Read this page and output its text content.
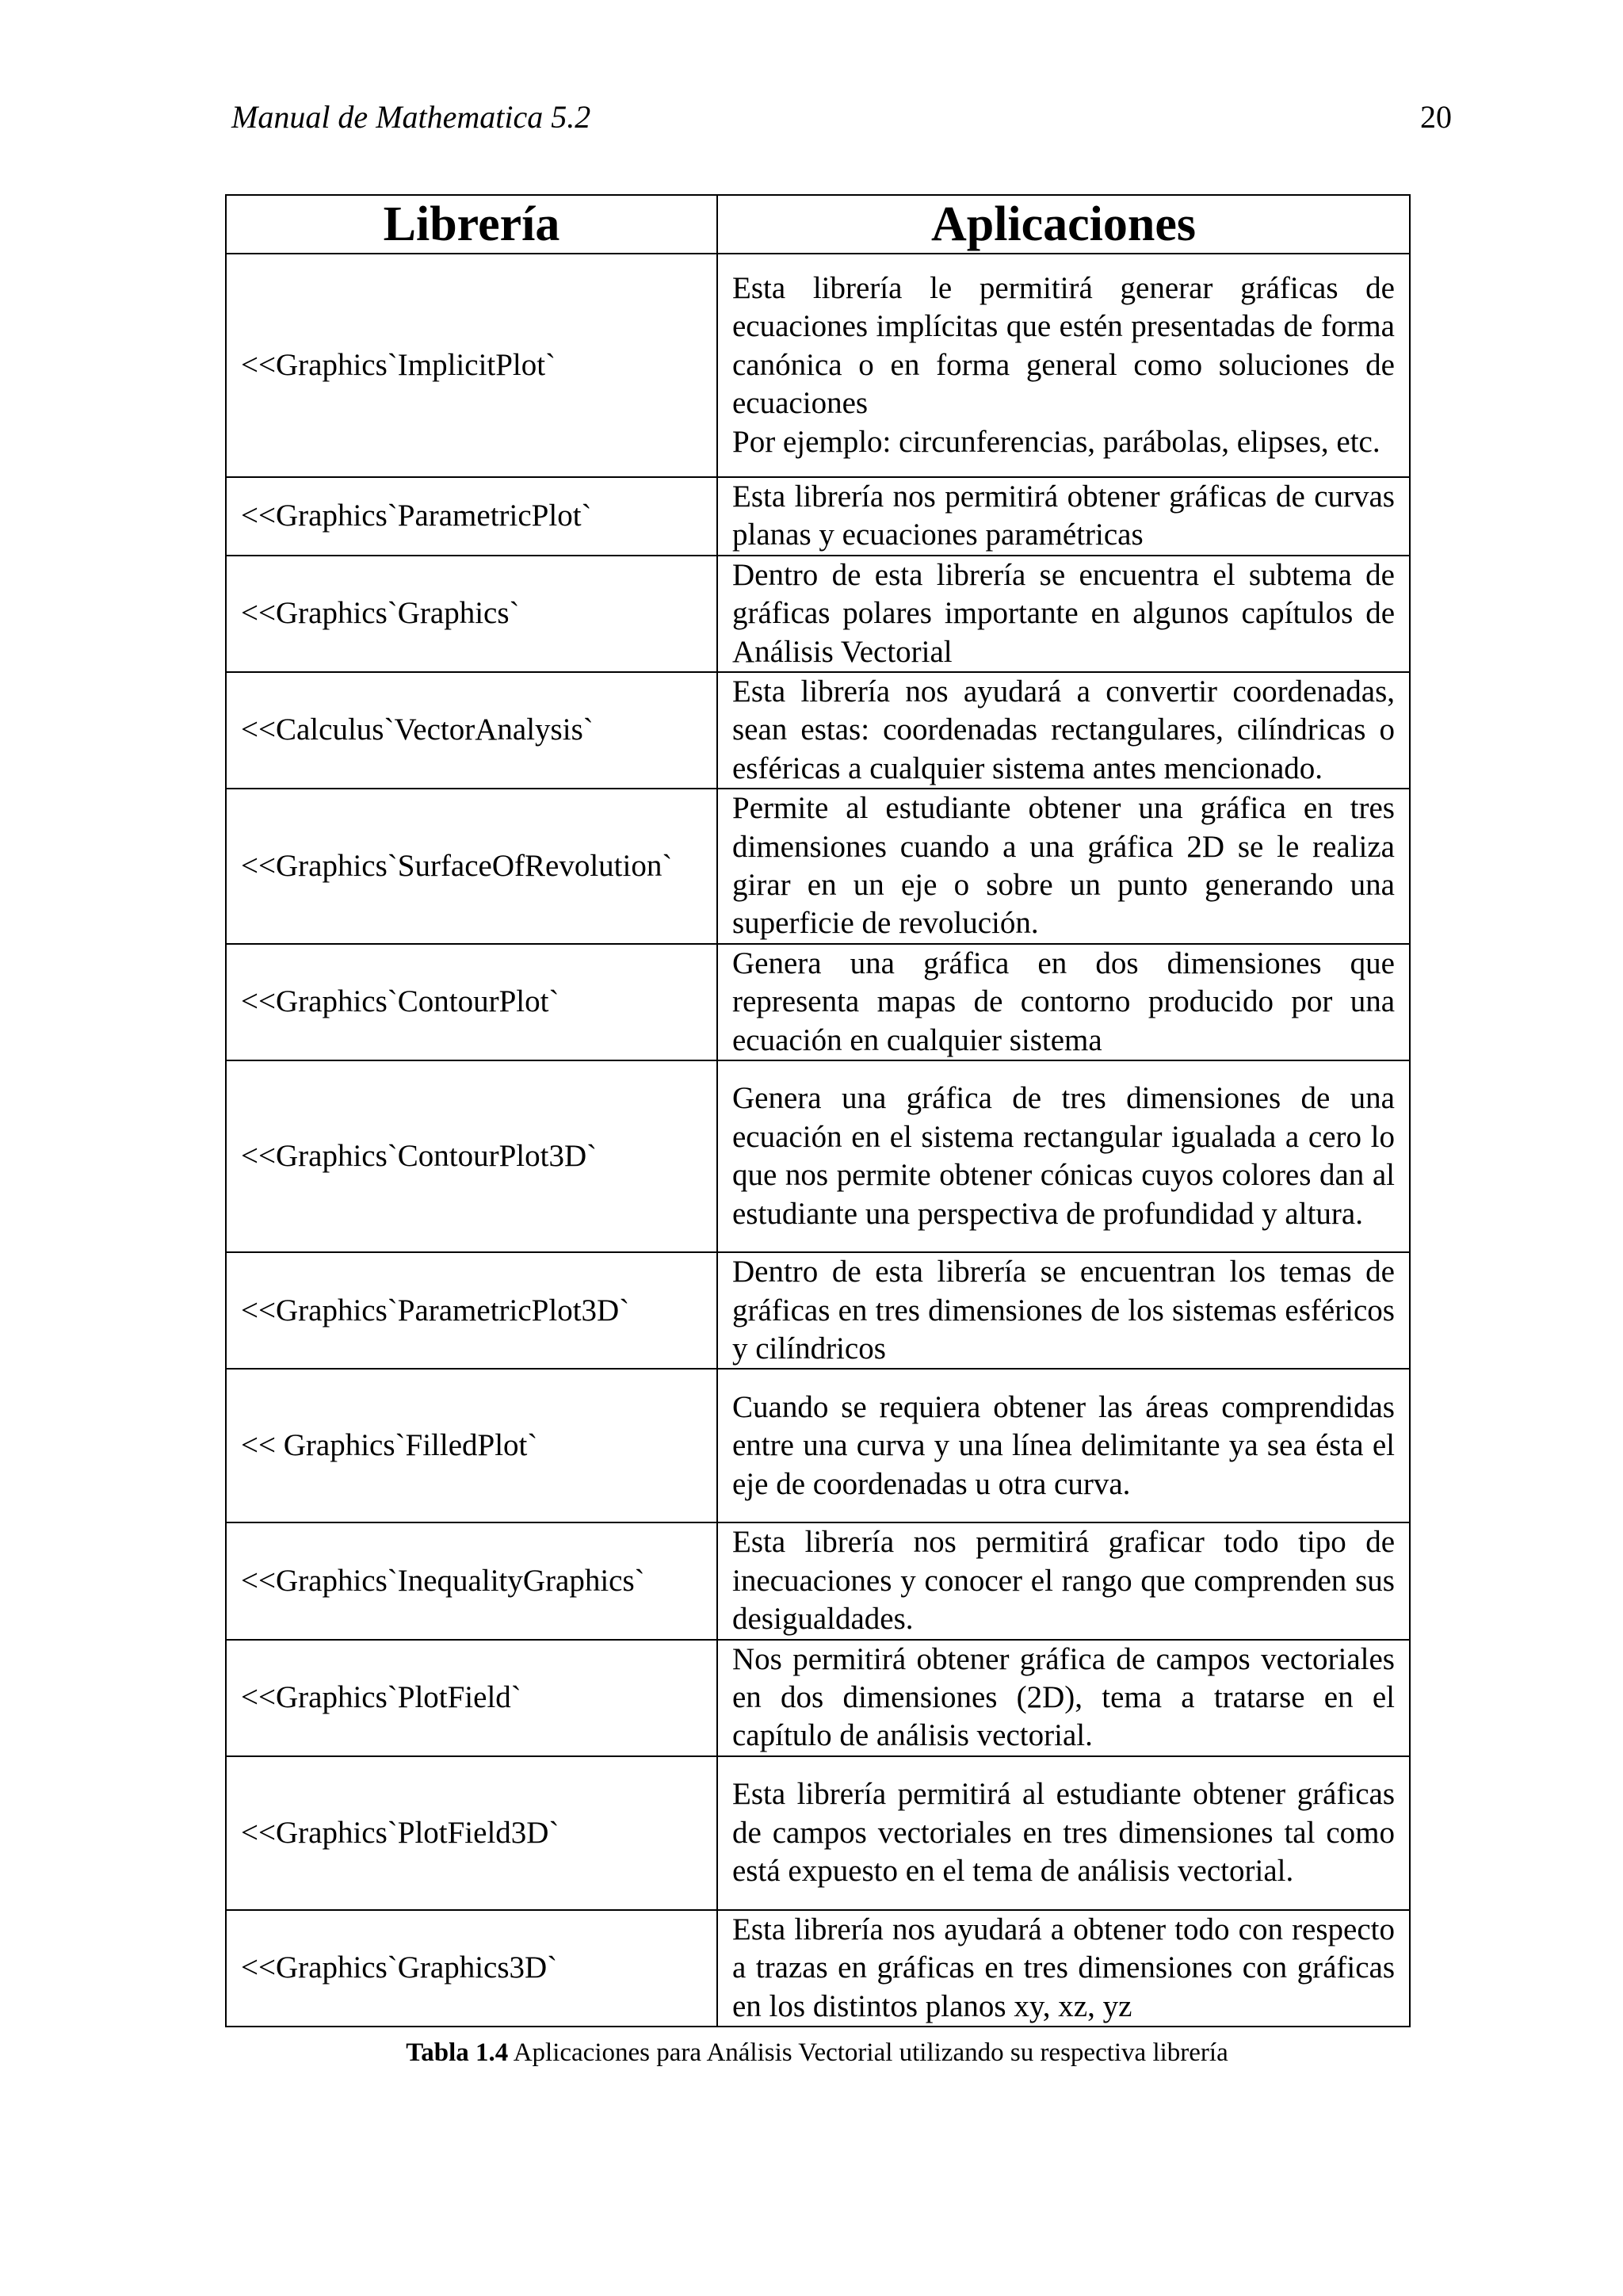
Manual de Mathematica 5.2	20
Librería	Aplicaciones
<<Graphics`ImplicitPlot`	Esta librería le permitirá generar gráficas de ecuaciones implícitas que estén presentadas de forma canónica o en forma general como soluciones de ecuaciones
Por ejemplo: circunferencias, parábolas, elipses, etc.

<<Graphics`ParametricPlot`	Esta librería nos permitirá obtener gráficas de curvas planas y ecuaciones paramétricas
<<Graphics`Graphics`	Dentro de esta librería se encuentra el subtema de gráficas polares importante en algunos capítulos de Análisis Vectorial
<<Calculus`VectorAnalysis`	Esta librería nos ayudará a convertir coordenadas, sean estas: coordenadas rectangulares, cilíndricas o esféricas a cualquier sistema antes mencionado.
<<Graphics`SurfaceOfRevolution`	Permite al estudiante obtener una gráfica en tres dimensiones cuando a una gráfica 2D se le realiza girar en un eje o sobre un punto generando una superficie de revolución.
<<Graphics`ContourPlot`	Genera una gráfica en dos dimensiones que representa mapas de contorno producido por una ecuación en cualquier sistema
<<Graphics`ContourPlot3D`	Genera una gráfica de tres dimensiones de una ecuación en el sistema rectangular igualada a cero lo que nos permite obtener cónicas cuyos colores dan al estudiante una perspectiva de profundidad y altura.
<<Graphics`ParametricPlot3D`	Dentro de esta librería se encuentran los temas de gráficas en tres dimensiones de los sistemas esféricos y cilíndricos
<< Graphics`FilledPlot`	Cuando se requiera obtener las áreas comprendidas entre una curva y una línea delimitante ya sea ésta el eje de coordenadas u otra curva.
<<Graphics`InequalityGraphics`	Esta librería nos permitirá graficar todo tipo de inecuaciones y conocer el rango que comprenden sus desigualdades.
<<Graphics`PlotField`	Nos permitirá obtener gráfica de campos vectoriales en dos dimensiones (2D), tema a tratarse en el capítulo de análisis vectorial.
<<Graphics`PlotField3D`	Esta librería permitirá al estudiante obtener gráficas de campos vectoriales en tres dimensiones tal como está expuesto en el tema de análisis vectorial.
<<Graphics`Graphics3D`	Esta librería nos ayudará a obtener todo con respecto a trazas en gráficas en tres dimensiones con gráficas en los distintos planos xy, xz, yz
Tabla 1.4 Aplicaciones para Análisis Vectorial utilizando su respectiva librería
